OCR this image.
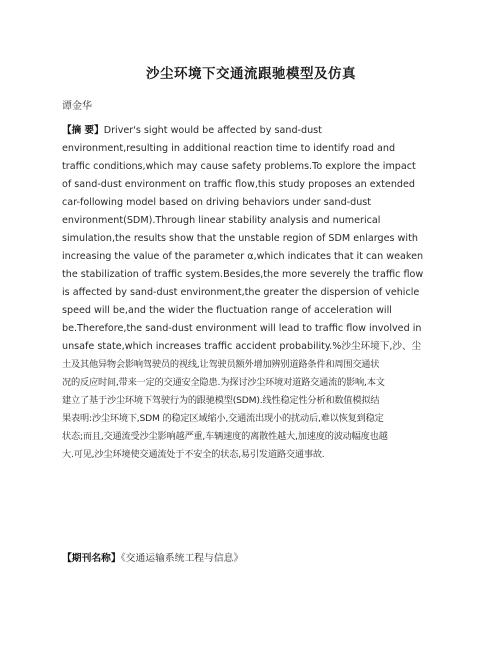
沙尘环境下交通流跟驰模型及仿真
谭金华
【摘 要】Driver's sight would be affected by sand-dust
environment,resulting in additional reaction time to identify road and
traffic conditions,which may cause safety problems.To explore the impact
of sand-dust environment on traffic flow,this study proposes an extended
car-following model based on driving behaviors under sand-dust
environment(SDM).Through linear stability analysis and numerical
simulation,the results show that the unstable region of SDM enlarges with
increasing the value of the parameter α,which indicates that it can weaken
the stabilization of traffic system.Besides,the more severely the traffic flow
is affected by sand-dust environment,the greater the dispersion of vehicle
speed will be,and the wider the fluctuation range of acceleration will
be.Therefore,the sand-dust environment will lead to traffic flow involved in
unsafe state,which increases traffic accident probability.%沙尘环境下,沙、尘
土及其他异物会影响驾驶员的视线,让驾驶员额外增加辨别道路条件和周围交通状
况的反应时间,带来一定的交通安全隐患.为探讨沙尘环境对道路交通流的影响,本文
建立了基于沙尘环境下驾驶行为的跟驰模型(SDM).线性稳定性分析和数值模拟结
果表明:沙尘环境下,SDM 的稳定区域缩小,交通流出现小的扰动后,难以恢复到稳定
状态;而且,交通流受沙尘影响越严重,车辆速度的离散性越大,加速度的波动幅度也越
大.可见,沙尘环境使交通流处于不安全的状态,易引发道路交通事故.
【期刊名称】《交通运输系统工程与信息》
